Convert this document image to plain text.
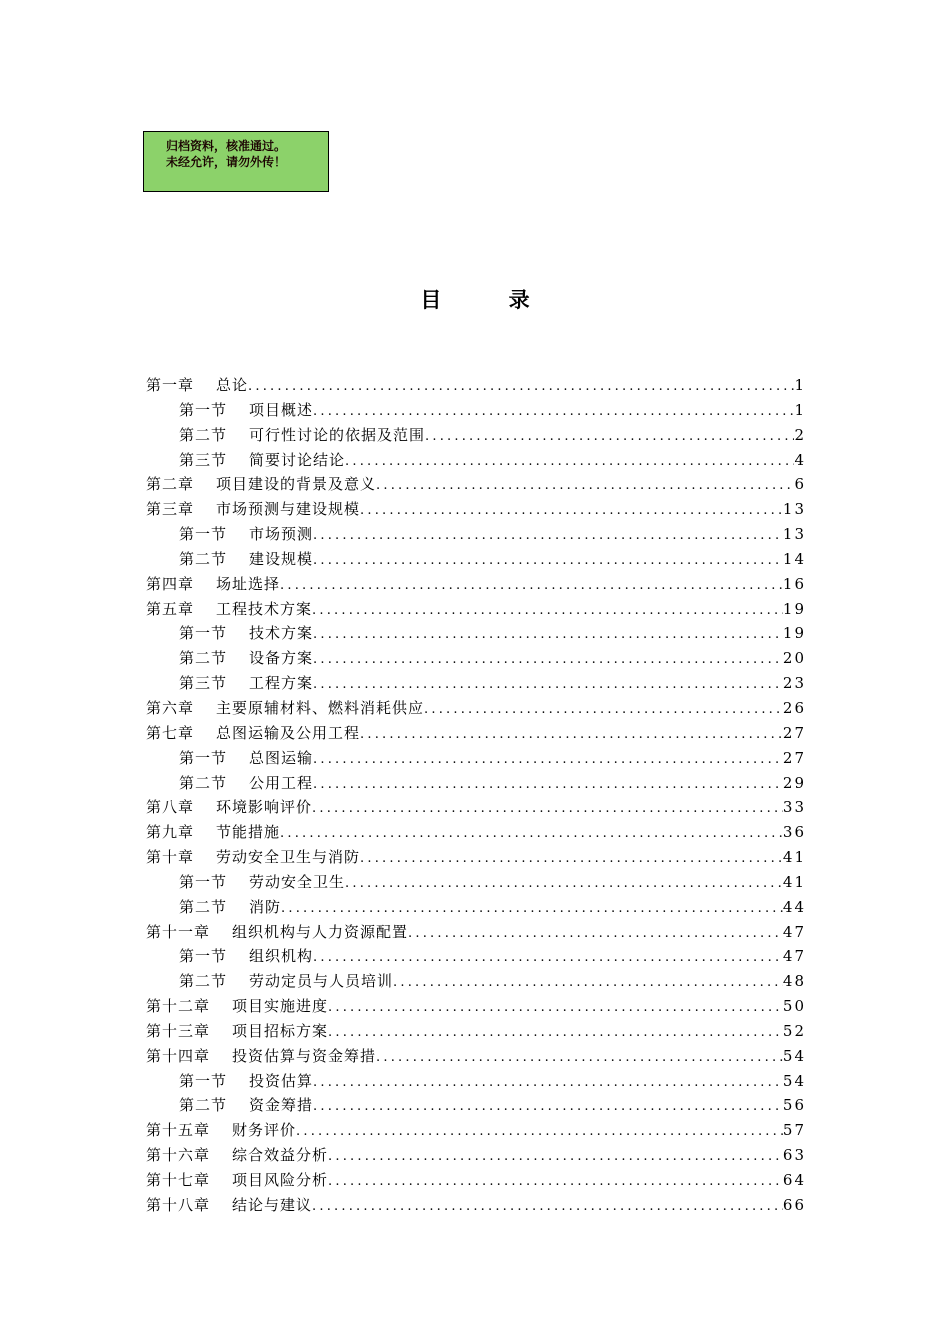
归档资料，核准通过。
未经允许，请勿外传！
目 录
第一章 总论 .....	1
第一节 项目概述 .....	1
第二节 可行性讨论的依据及范围 .....	2
第三节 简要讨论结论 .....	4
第二章 项目建设的背景及意义 .....	6
第三章 市场预测与建设规模 .....	13
第一节 市场预测 .....	13
第二节 建设规模 .....	14
第四章 场址选择 .....	16
第五章 工程技术方案 .....	19
第一节 技术方案 .....	19
第二节 设备方案 .....	20
第三节 工程方案 .....	23
第六章 主要原辅材料、燃料消耗供应 .....	26
第七章 总图运输及公用工程 .....	27
第一节 总图运输 .....	27
第二节 公用工程 .....	29
第八章 环境影响评价 .....	33
第九章 节能措施 .....	36
第十章 劳动安全卫生与消防 .....	41
第一节 劳动安全卫生 .....	41
第二节 消防 .....	44
第十一章 组织机构与人力资源配置 .....	47
第一节 组织机构 .....	47
第二节 劳动定员与人员培训 .....	48
第十二章 项目实施进度 .....	50
第十三章 项目招标方案 .....	52
第十四章 投资估算与资金筹措 .....	54
第一节 投资估算 .....	54
第二节 资金筹措 .....	56
第十五章 财务评价 .....	57
第十六章 综合效益分析 .....	63
第十七章 项目风险分析 .....	64
第十八章 结论与建议 .....	66
